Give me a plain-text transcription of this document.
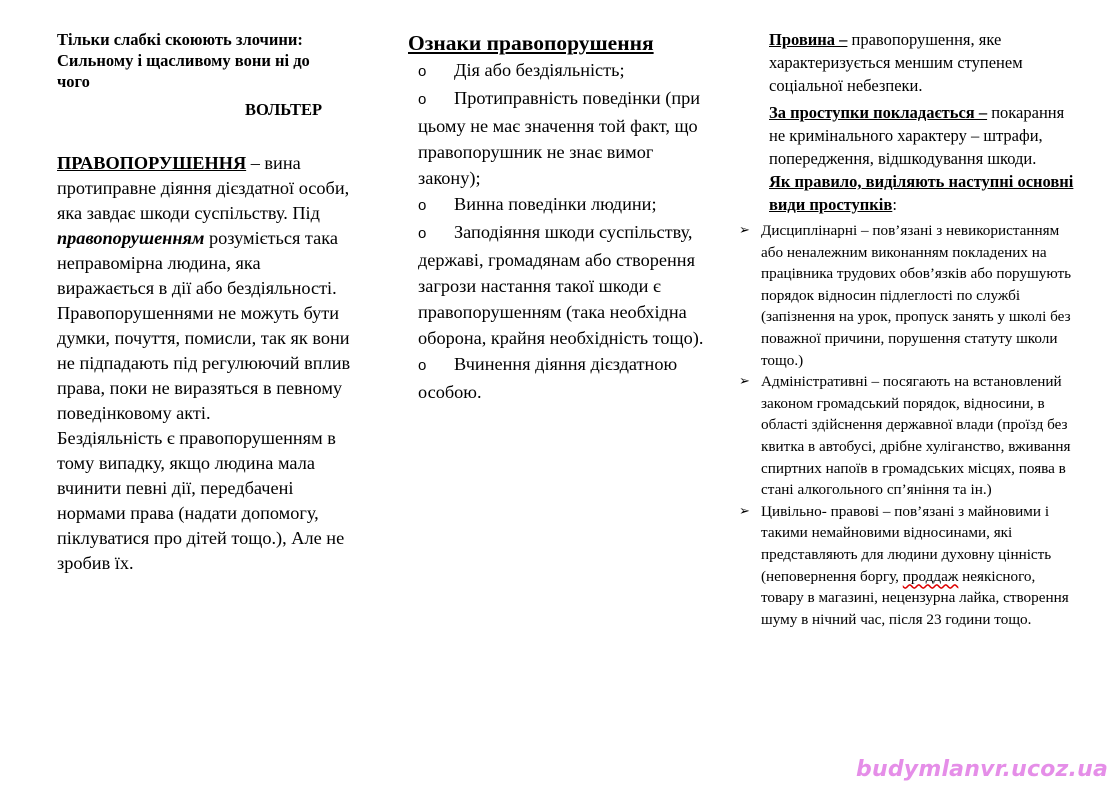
Тільки слабкі скоюють злочини:
Сильному і щасливому вони ні до
чого

ВОЛЬТЕР

ПРАВОПОРУШЕННЯ – вина протиправне діяння дієздатної особи, яка завдає шкоди суспільству. Під правопорушенням розуміється така неправомірна людина, яка виражається в дії або бездіяльності.

Правопорушеннями не можуть бути думки, почуття, помисли, так як вони не підпадають під регулюючий вплив права, поки не виразяться в певному поведінковому акті.

Бездіяльність є правопорушенням в тому випадку, якщо людина мала вчинити певні дії, передбачені нормами права (надати допомогу, піклуватися про дітей тощо.), Але не зробив їх.

Ознаки правопорушення

o Дія або бездіяльність;
o Протиправність поведінки (при цьому не має значення той факт, що правопорушник не знає вимог закону);
o Винна поведінки людини;
o Заподіяння шкоди суспільству, державі, громадянам або створення загрози настання такої шкоди є правопорушенням (така необхідна оборона, крайня необхідність тощо).
o Вчинення діяння дієздатною особою.

Провина – правопорушення, яке характеризується меншим ступенем соціальної небезпеки.

За проступки покладається – покарання не кримінального характеру – штрафи, попередження, відшкодування шкоди.

Як правило, виділяють наступні основні види проступків:

➢ Дисциплінарні – пов’язані з невикористанням або неналежним виконанням покладених на працівника трудових обов’язків або порушують порядок відносин підлеглості по службі (запізнення на урок, пропуск занять у школі без поважної причини, порушення статуту школи тощо.)
➢ Адміністративні – посягають на встановлений законом громадський порядок, відносини, в області здійснення державної влади (проїзд без квитка в автобусі, дрібне хуліганство, вживання спиртних напоїв в громадських місцях, поява в стані алкогольного сп’яніння та ін.)
➢ Цивільно- правові – пов’язані з майновими і такими немайновими відносинами, які представляють для людини духовну цінність (неповернення боргу, проддаж неякісного, товару в магазині, нецензурна лайка, створення шуму в нічний час, після 23 години тощо.
budymlanvr.ucoz.ua
